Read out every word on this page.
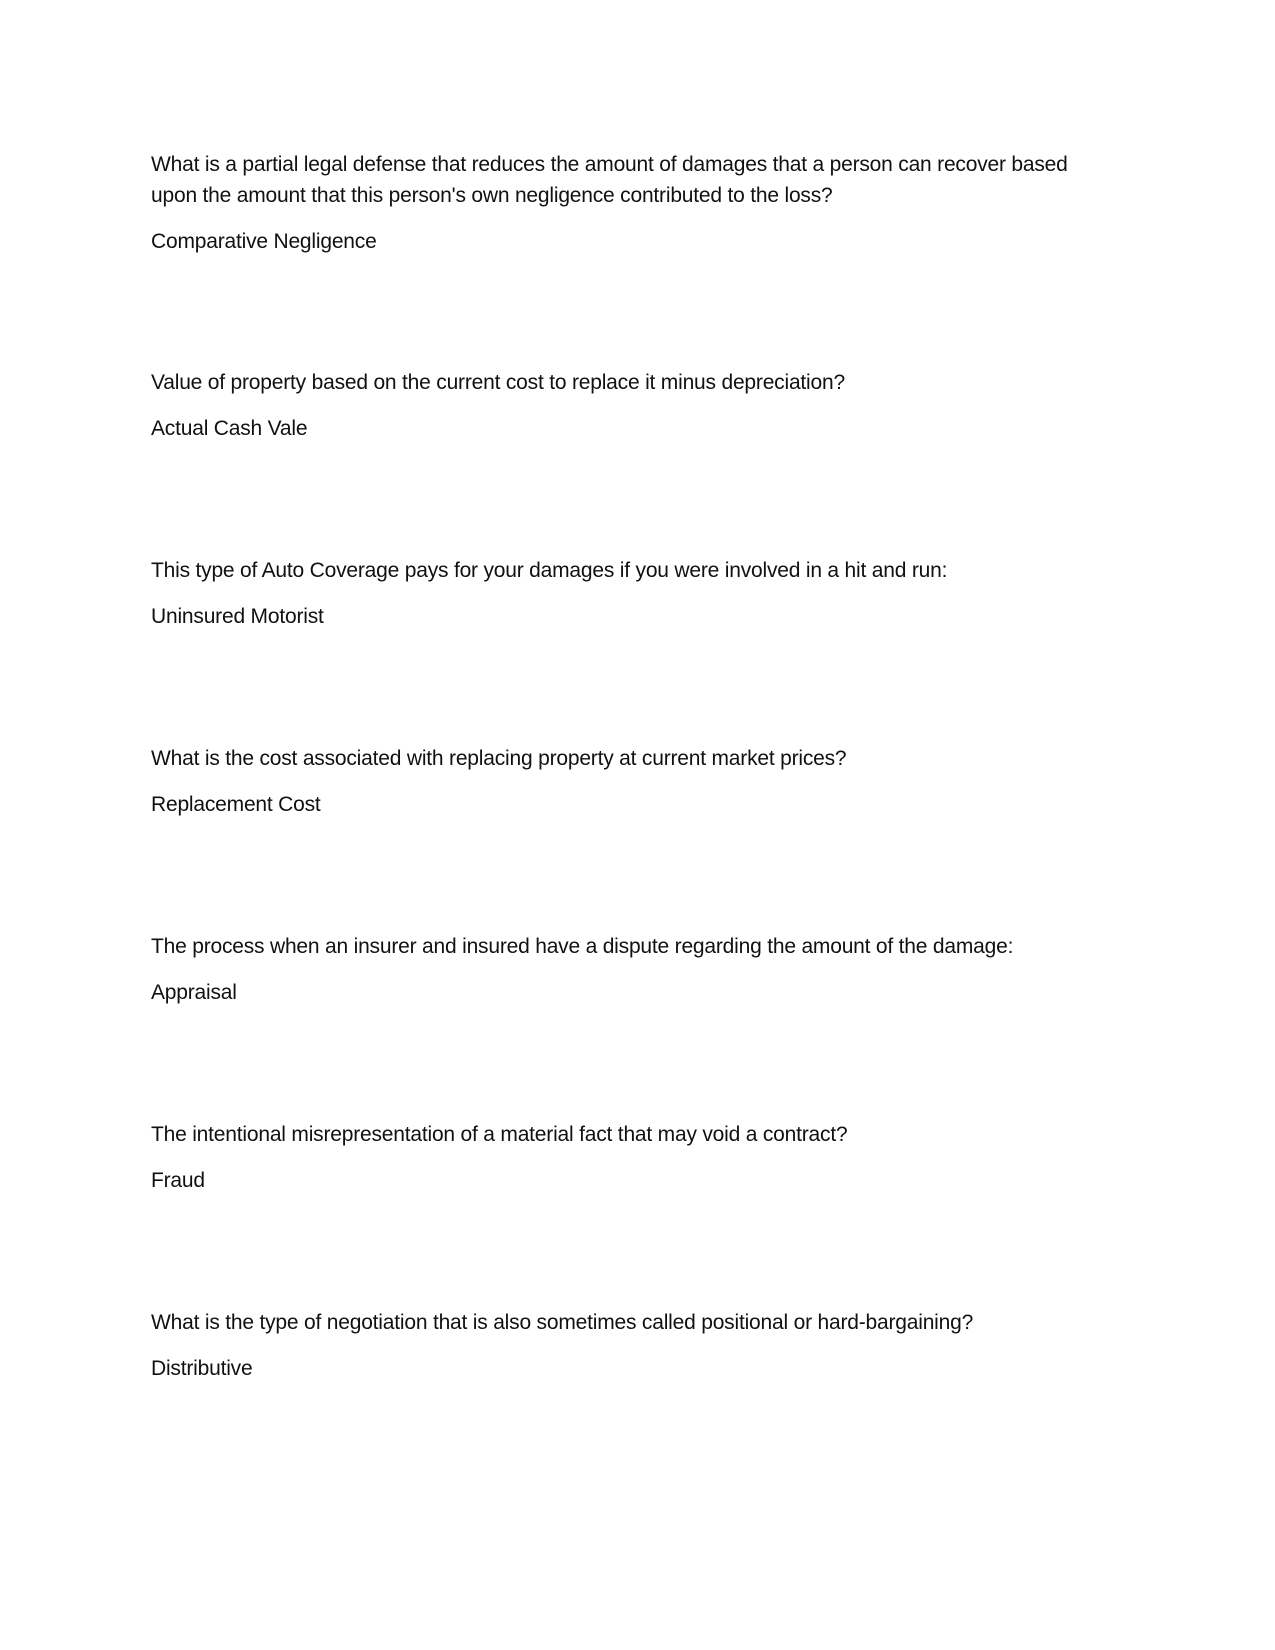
What is a partial legal defense that reduces the amount of damages that a person can recover based upon the amount that this person's own negligence contributed to the loss?

Comparative Negligence

Value of property based on the current cost to replace it minus depreciation?

Actual Cash Vale

This type of Auto Coverage pays for your damages if you were involved in a hit and run:

Uninsured Motorist

What is the cost associated with replacing property at current market prices?

Replacement Cost

The process when an insurer and insured have a dispute regarding the amount of the damage:

Appraisal

The intentional misrepresentation of a material fact that may void a contract?

Fraud

What is the type of negotiation that is also sometimes called positional or hard-bargaining?

Distributive
